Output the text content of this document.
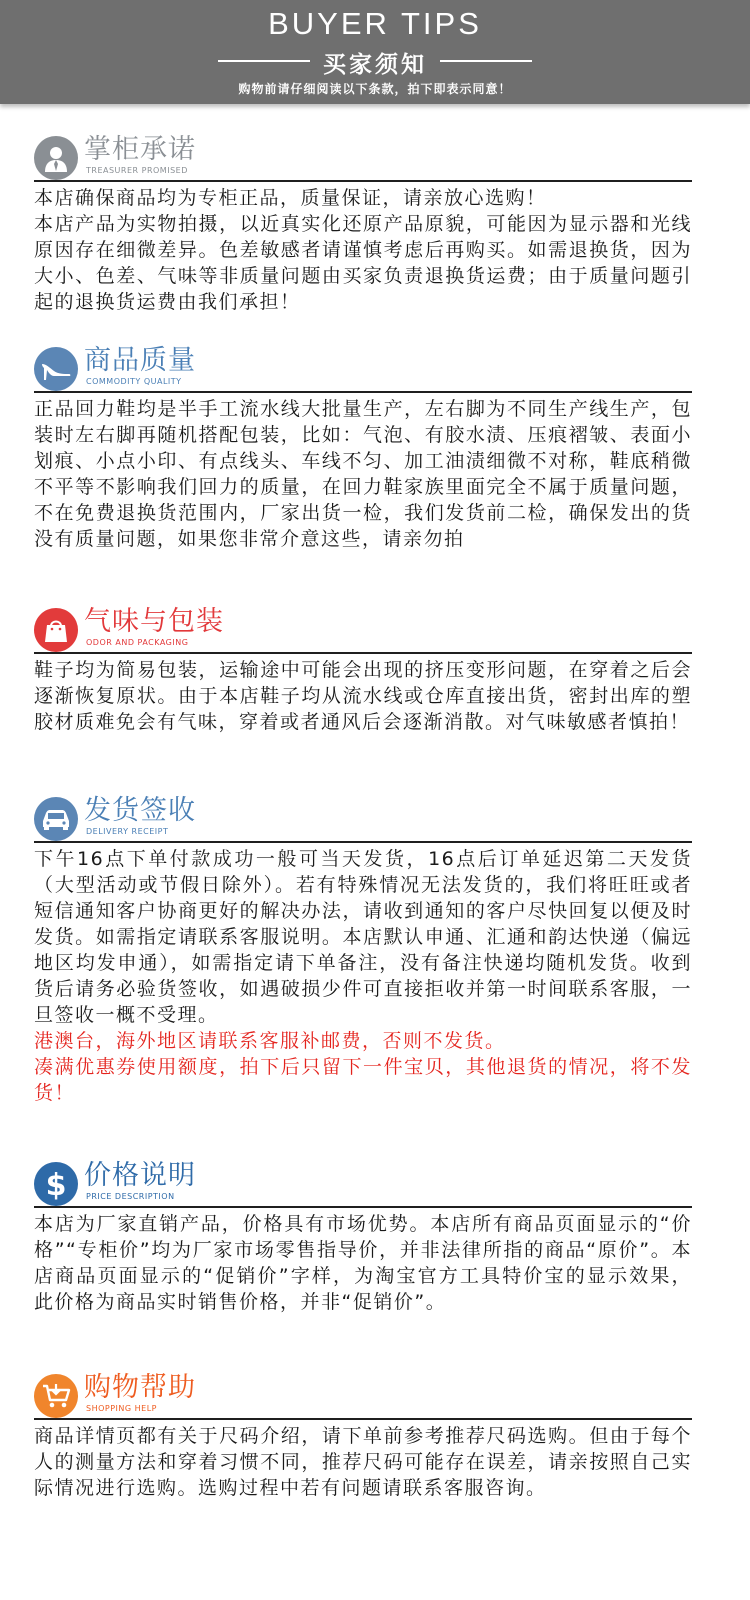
BUYER TIPS
买家须知
购物前请仔细阅读以下条款，拍下即表示同意！
掌柜承诺
TREASURER PROMISED

本店确保商品均为专柜正品，质量保证，请亲放心选购！

本店产品为实物拍摄，以近真实化还原产品原貌，可能因为显示器和光线原因存在细微差异。色差敏感者请谨慎考虑后再购买。如需退换货，因为大小、色差、气味等非质量问题由买家负责退换货运费；由于质量问题引起的退换货运费由我们承担！

商品质量
COMMODITY QUALITY

正品回力鞋均是半手工流水线大批量生产，左右脚为不同生产线生产，包装时左右脚再随机搭配包装，比如：气泡、有胶水渍、压痕褶皱、表面小划痕、小点小印、有点线头、车线不匀、加工油渍细微不对称，鞋底稍微不平等不影响我们回力的质量，在回力鞋家族里面完全不属于质量问题，不在免费退换货范围内，厂家出货一检，我们发货前二检，确保发出的货没有质量问题，如果您非常介意这些，请亲勿拍

气味与包装
ODOR AND PACKAGING

鞋子均为简易包装，运输途中可能会出现的挤压变形问题，在穿着之后会逐渐恢复原状。由于本店鞋子均从流水线或仓库直接出货，密封出库的塑胶材质难免会有气味，穿着或者通风后会逐渐消散。对气味敏感者慎拍！

发货签收
DELIVERY RECEIPT

下午16点下单付款成功一般可当天发货，16点后订单延迟第二天发货（大型活动或节假日除外）。若有特殊情况无法发货的，我们将旺旺或者短信通知客户协商更好的解决办法，请收到通知的客户尽快回复以便及时发货。如需指定请联系客服说明。本店默认申通、汇通和韵达快递（偏远地区均发申通），如需指定请下单备注，没有备注快递均随机发货。收到货后请务必验货签收，如遇破损少件可直接拒收并第一时间联系客服，一旦签收一概不受理。

港澳台，海外地区请联系客服补邮费，否则不发货。

凑满优惠券使用额度，拍下后只留下一件宝贝，其他退货的情况，将不发货！

$ 价格说明
PRICE DESCRIPTION

本店为厂家直销产品，价格具有市场优势。本店所有商品页面显示的“价格”“专柜价”均为厂家市场零售指导价，并非法律所指的商品“原价”。本店商品页面显示的“促销价”字样，为淘宝官方工具特价宝的显示效果，此价格为商品实时销售价格，并非“促销价”。

购物帮助
SHOPPING HELP

商品详情页都有关于尺码介绍，请下单前参考推荐尺码选购。但由于每个人的测量方法和穿着习惯不同，推荐尺码可能存在误差，请亲按照自己实际情况进行选购。选购过程中若有问题请联系客服咨询。
